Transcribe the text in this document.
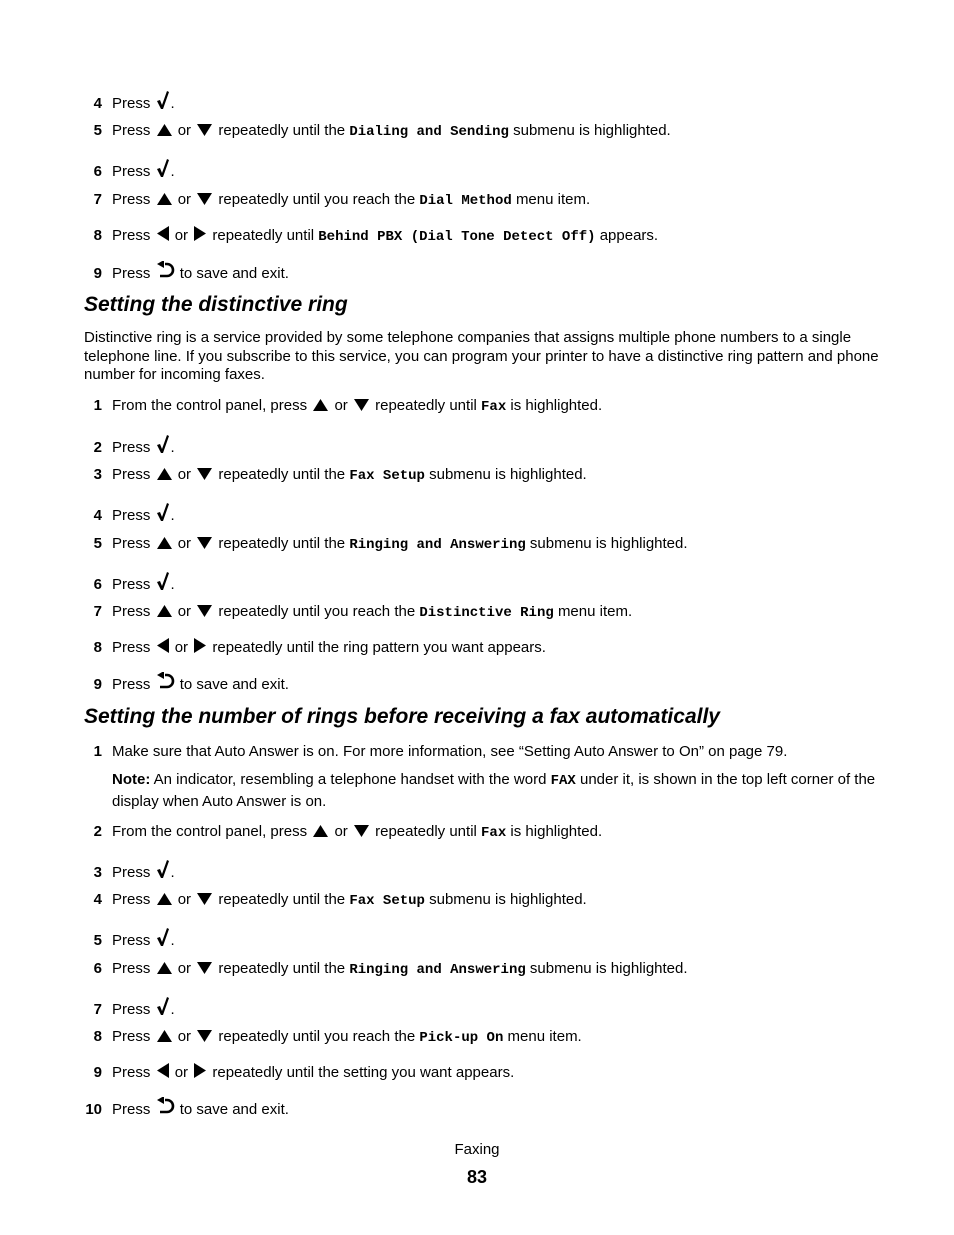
4 Press .
5 Press or repeatedly until the Dialing and Sending submenu is highlighted.
6 Press .
7 Press or repeatedly until you reach the Dial Method menu item.
8 Press or repeatedly until Behind PBX (Dial Tone Detect Off) appears.
9 Press to save and exit.
Setting the distinctive ring
Distinctive ring is a service provided by some telephone companies that assigns multiple phone numbers to a single telephone line. If you subscribe to this service, you can program your printer to have a distinctive ring pattern and phone number for incoming faxes.
1 From the control panel, press or repeatedly until Fax is highlighted.
2 Press .
3 Press or repeatedly until the Fax Setup submenu is highlighted.
4 Press .
5 Press or repeatedly until the Ringing and Answering submenu is highlighted.
6 Press .
7 Press or repeatedly until you reach the Distinctive Ring menu item.
8 Press or repeatedly until the ring pattern you want appears.
9 Press to save and exit.
Setting the number of rings before receiving a fax automatically
1 Make sure that Auto Answer is on. For more information, see “Setting Auto Answer to On” on page 79.
Note: An indicator, resembling a telephone handset with the word FAX under it, is shown in the top left corner of the display when Auto Answer is on.
2 From the control panel, press or repeatedly until Fax is highlighted.
3 Press .
4 Press or repeatedly until the Fax Setup submenu is highlighted.
5 Press .
6 Press or repeatedly until the Ringing and Answering submenu is highlighted.
7 Press .
8 Press or repeatedly until you reach the Pick-up On menu item.
9 Press or repeatedly until the setting you want appears.
10 Press to save and exit.
Faxing
83
